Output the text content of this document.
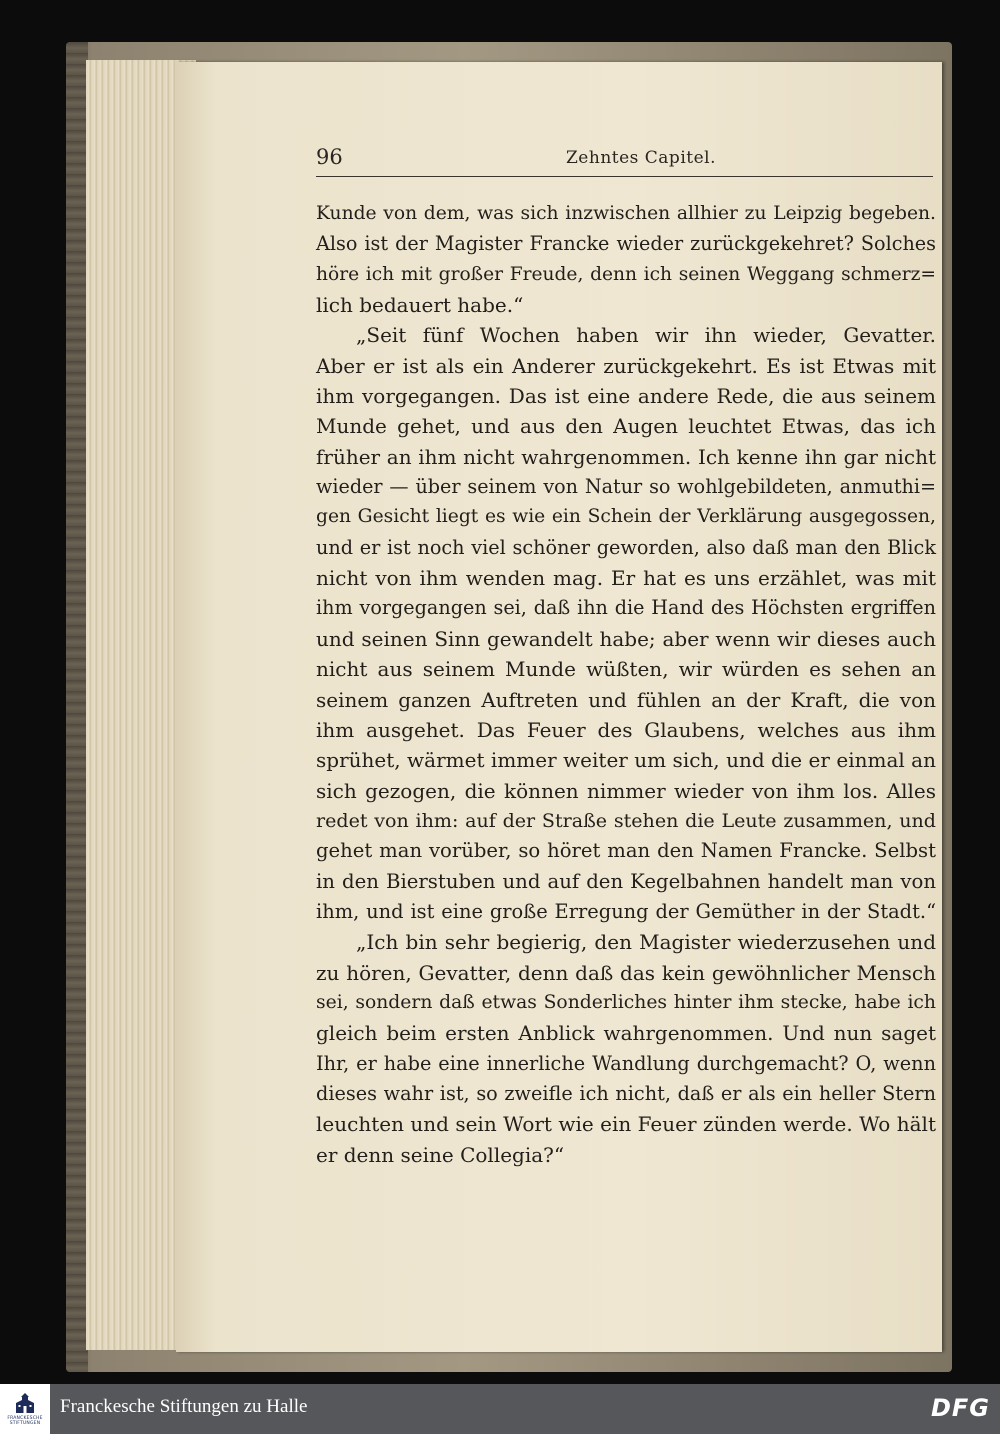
96	Zehntes Capitel.
Kunde von dem, was sich inzwischen allhier zu Leipzig begeben.
Also ist der Magister Francke wieder zurückgekehret? Solches
höre ich mit großer Freude, denn ich seinen Weggang schmerz=
lich bedauert habe.“
„Seit fünf Wochen haben wir ihn wieder, Gevatter.
Aber er ist als ein Anderer zurückgekehrt. Es ist Etwas mit
ihm vorgegangen. Das ist eine andere Rede, die aus seinem
Munde gehet, und aus den Augen leuchtet Etwas, das ich
früher an ihm nicht wahrgenommen. Ich kenne ihn gar nicht
wieder — über seinem von Natur so wohlgebildeten, anmuthi=
gen Gesicht liegt es wie ein Schein der Verklärung ausgegossen,
und er ist noch viel schöner geworden, also daß man den Blick
nicht von ihm wenden mag. Er hat es uns erzählet, was mit
ihm vorgegangen sei, daß ihn die Hand des Höchsten ergriffen
und seinen Sinn gewandelt habe; aber wenn wir dieses auch
nicht aus seinem Munde wüßten, wir würden es sehen an
seinem ganzen Auftreten und fühlen an der Kraft, die von
ihm ausgehet. Das Feuer des Glaubens, welches aus ihm
sprühet, wärmet immer weiter um sich, und die er einmal an
sich gezogen, die können nimmer wieder von ihm los. Alles
redet von ihm: auf der Straße stehen die Leute zusammen, und
gehet man vorüber, so höret man den Namen Francke. Selbst
in den Bierstuben und auf den Kegelbahnen handelt man von
ihm, und ist eine große Erregung der Gemüther in der Stadt.“
„Ich bin sehr begierig, den Magister wiederzusehen und
zu hören, Gevatter, denn daß das kein gewöhnlicher Mensch
sei, sondern daß etwas Sonderliches hinter ihm stecke, habe ich
gleich beim ersten Anblick wahrgenommen. Und nun saget
Ihr, er habe eine innerliche Wandlung durchgemacht? O, wenn
dieses wahr ist, so zweifle ich nicht, daß er als ein heller Stern
leuchten und sein Wort wie ein Feuer zünden werde. Wo hält
er denn seine Collegia?“
FRANCKESCHE
STIFTUNGEN
Franckesche Stiftungen zu Halle	DFG
